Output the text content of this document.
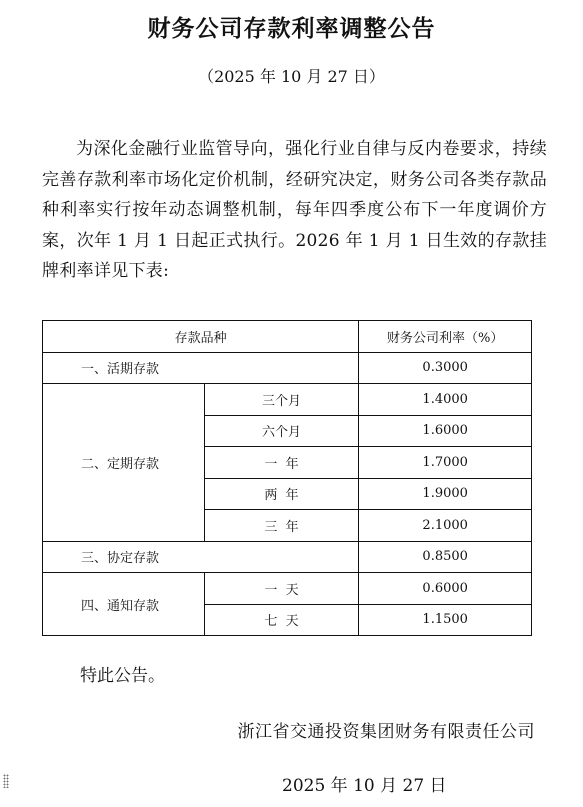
财务公司存款利率调整公告
（2025 年 10 月 27 日）
为深化金融行业监管导向，强化行业自律与反内卷要求，持续完善存款利率市场化定价机制，经研究决定，财务公司各类存款品种利率实行按年动态调整机制，每年四季度公布下一年度调价方案，次年 1 月 1 日起正式执行。2026 年 1 月 1 日生效的存款挂牌利率详见下表:
存款品种		财务公司利率（%）
一、活期存款		0.3000
二、定期存款	三个月	1.4000
	六个月	1.6000
	一  年	1.7000
	两  年	1.9000
	三  年	2.1000
三、协定存款		0.8500
四、通知存款	一  天	0.6000
	七  天	1.1500
特此公告。
浙江省交通投资集团财务有限责任公司
2025 年 10 月 27 日
